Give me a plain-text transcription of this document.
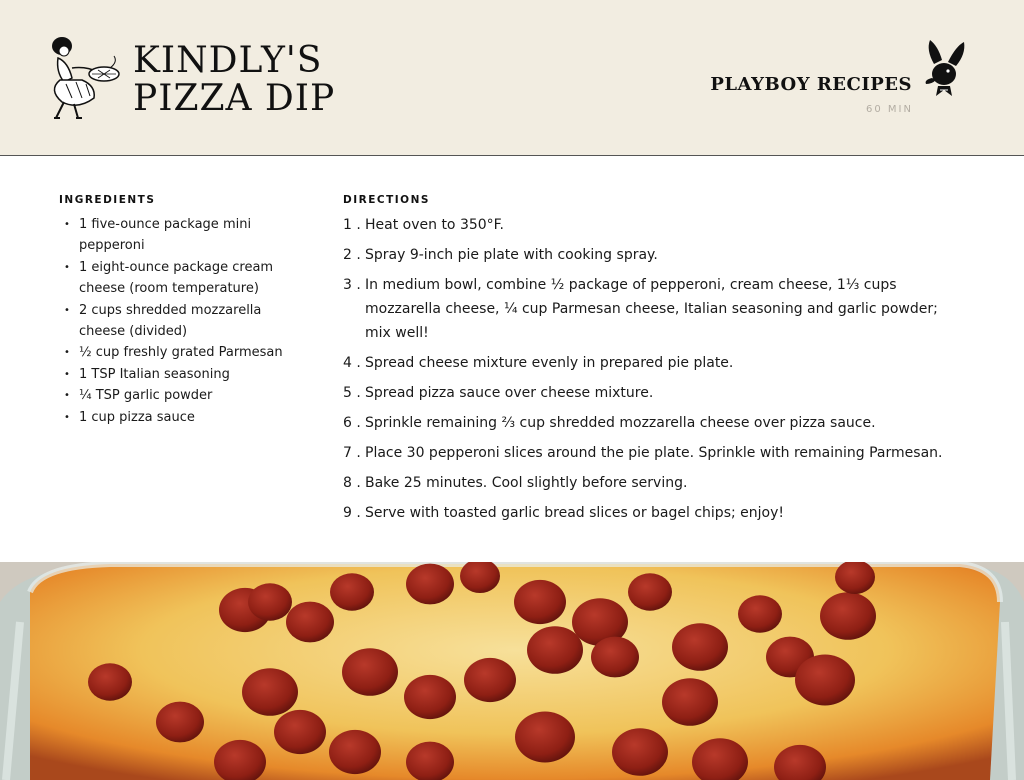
KINDLY'S
PIZZA DIP	PLAYBOY RECIPES
60 MIN
INGREDIENTS
• 1 five-ounce package mini pepperoni
• 1 eight-ounce package cream cheese (room temperature)
• 2 cups shredded mozzarella cheese (divided)
• ½ cup freshly grated Parmesan
• 1 TSP Italian seasoning
• ¼ TSP garlic powder
• 1 cup pizza sauce
DIRECTIONS
1 . Heat oven to 350°F.
2 . Spray 9-inch pie plate with cooking spray.
3 . In medium bowl, combine ½ package of pepperoni, cream cheese, 1⅓ cups mozzarella cheese, ¼ cup Parmesan cheese, Italian seasoning and garlic powder; mix well!
4 . Spread cheese mixture evenly in prepared pie plate.
5 . Spread pizza sauce over cheese mixture.
6 . Sprinkle remaining ⅔ cup shredded mozzarella cheese over pizza sauce.
7 . Place 30 pepperoni slices around the pie plate. Sprinkle with remaining Parmesan.
8 . Bake 25 minutes. Cool slightly before serving.
9 . Serve with toasted garlic bread slices or bagel chips; enjoy!
